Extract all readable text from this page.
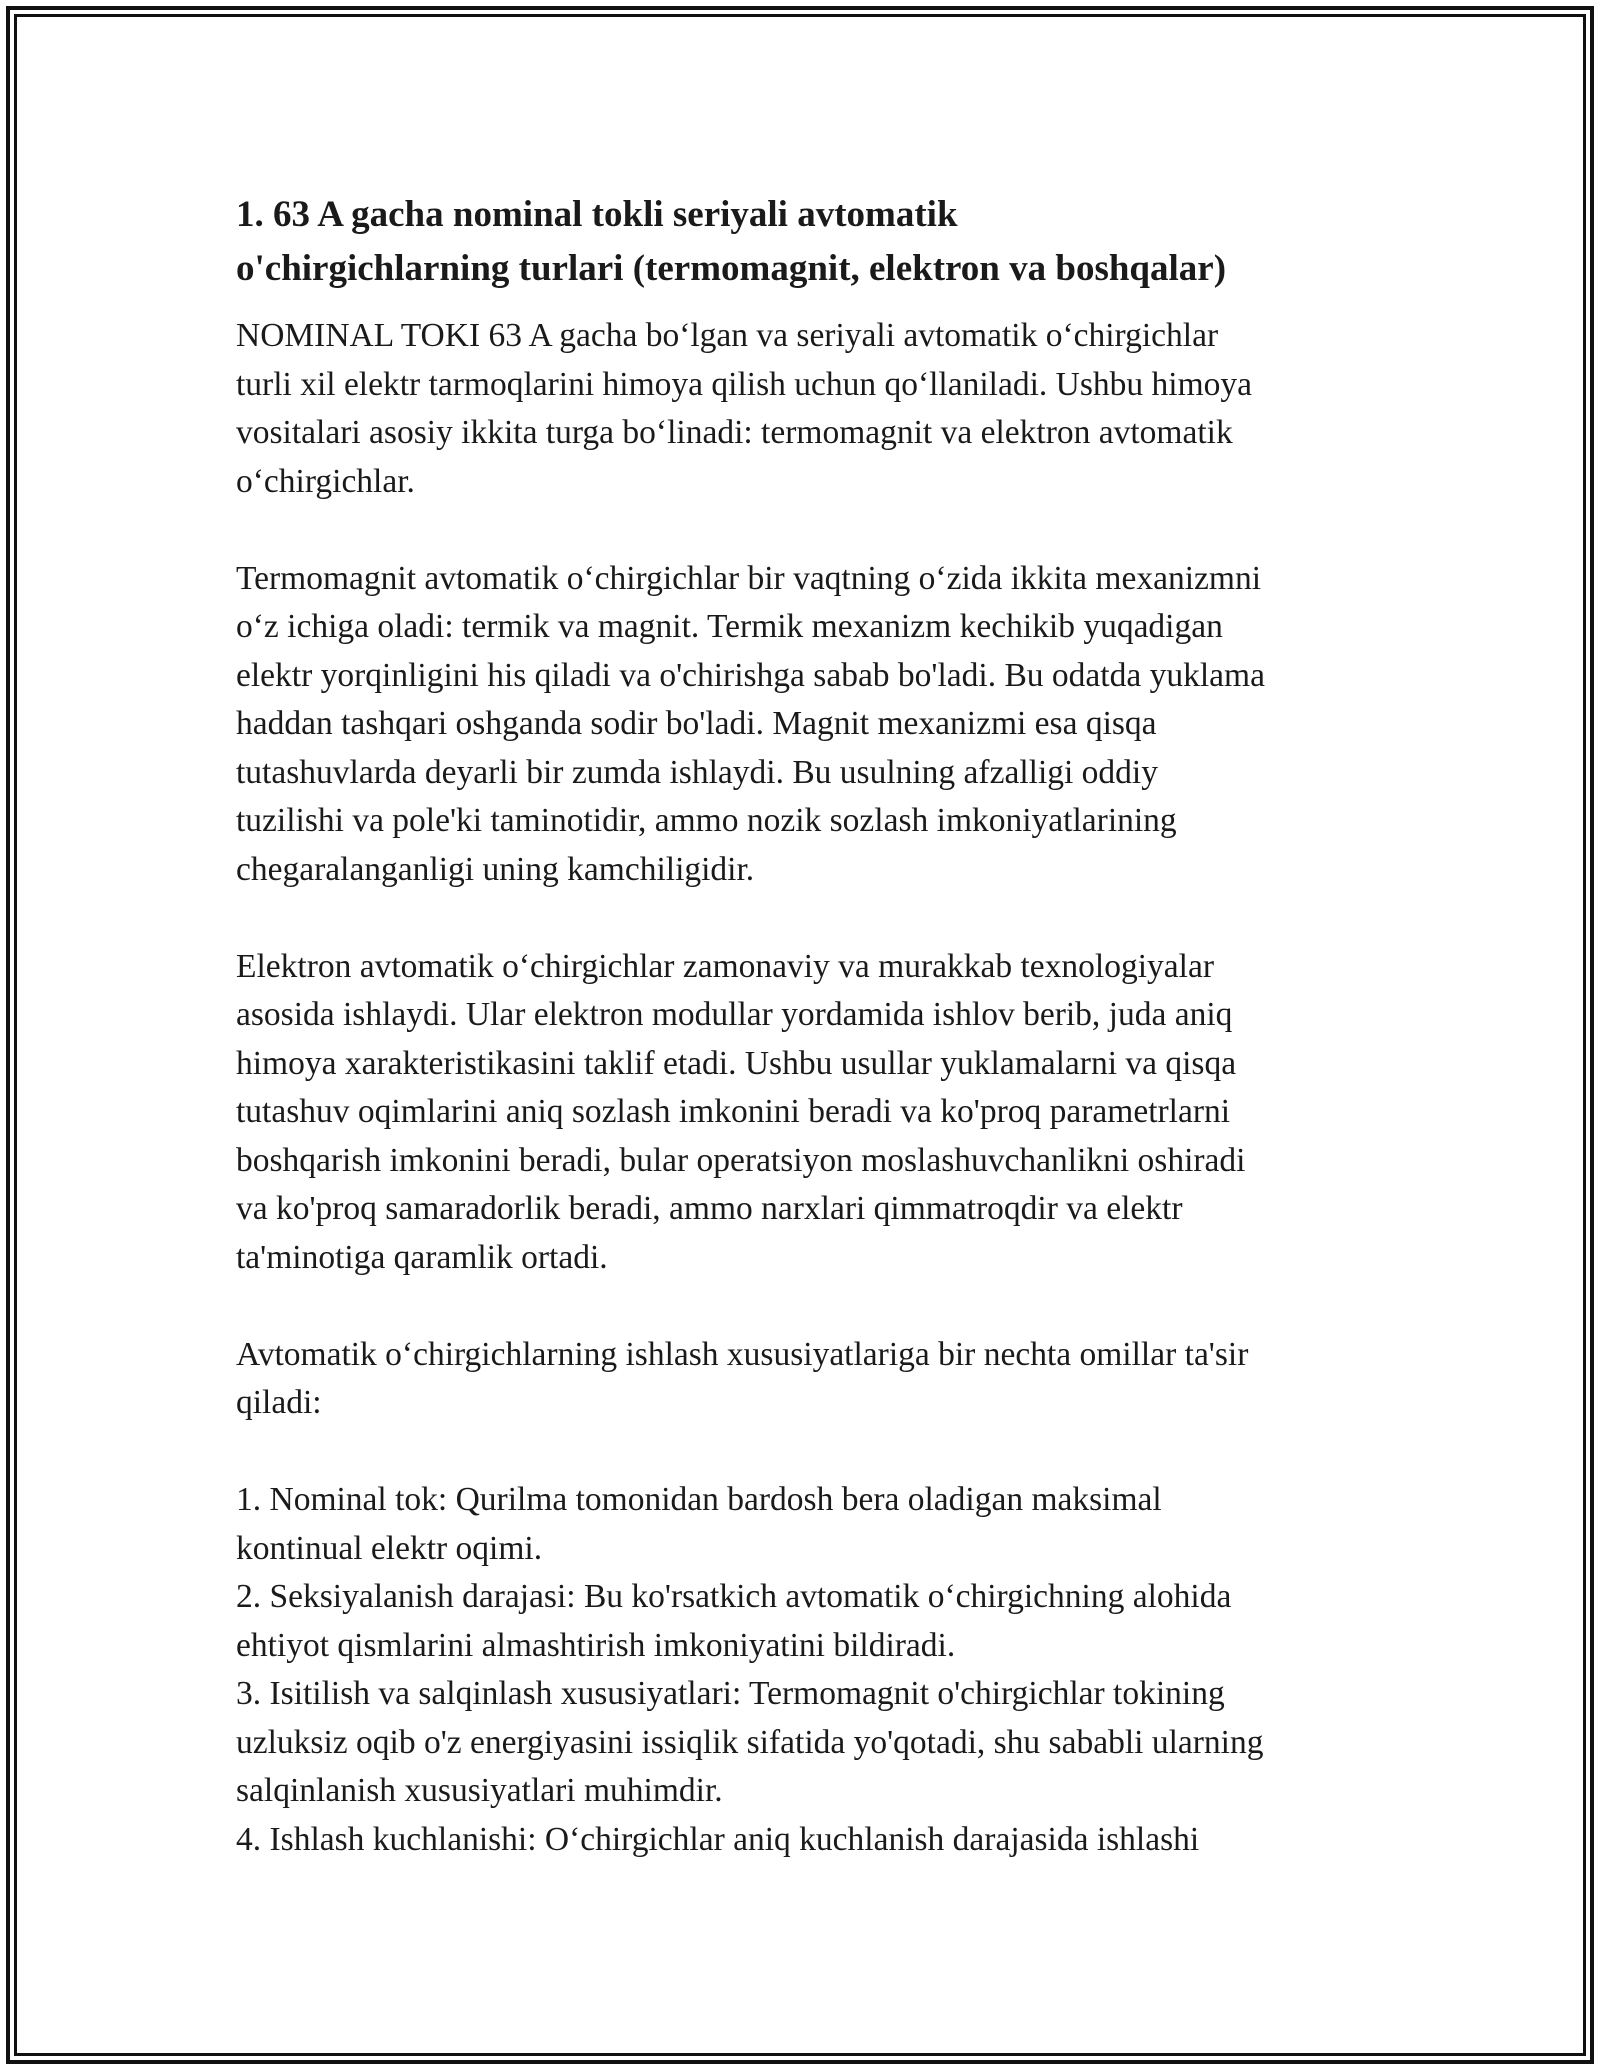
1. 63 A gacha nominal tokli seriyali avtomatik
o'chirgichlarning turlari (termomagnit, elektron va boshqalar)

NOMINAL TOKI 63 A gacha boʻlgan va seriyali avtomatik oʻchirgichlar
turli xil elektr tarmoqlarini himoya qilish uchun qoʻllaniladi. Ushbu himoya
vositalari asosiy ikkita turga boʻlinadi: termomagnit va elektron avtomatik
oʻchirgichlar.

Termomagnit avtomatik oʻchirgichlar bir vaqtning oʻzida ikkita mexanizmni
oʻz ichiga oladi: termik va magnit. Termik mexanizm kechikib yuqadigan
elektr yorqinligini his qiladi va o'chirishga sabab bo'ladi. Bu odatda yuklama
haddan tashqari oshganda sodir bo'ladi. Magnit mexanizmi esa qisqa
tutashuvlarda deyarli bir zumda ishlaydi. Bu usulning afzalligi oddiy
tuzilishi va pole'ki taminotidir, ammo nozik sozlash imkoniyatlarining
chegaralanganligi uning kamchiligidir.

Elektron avtomatik oʻchirgichlar zamonaviy va murakkab texnologiyalar
asosida ishlaydi. Ular elektron modullar yordamida ishlov berib, juda aniq
himoya xarakteristikasini taklif etadi. Ushbu usullar yuklamalarni va qisqa
tutashuv oqimlarini aniq sozlash imkonini beradi va ko'proq parametrlarni
boshqarish imkonini beradi, bular operatsiyon moslashuvchanlikni oshiradi
va ko'proq samaradorlik beradi, ammo narxlari qimmatroqdir va elektr
ta'minotiga qaramlik ortadi.

Avtomatik oʻchirgichlarning ishlash xususiyatlariga bir nechta omillar ta'sir
qiladi:

1. Nominal tok: Qurilma tomonidan bardosh bera oladigan maksimal
kontinual elektr oqimi.

2. Seksiyalanish darajasi: Bu ko'rsatkich avtomatik oʻchirgichning alohida
ehtiyot qismlarini almashtirish imkoniyatini bildiradi.

3. Isitilish va salqinlash xususiyatlari: Termomagnit o'chirgichlar tokining
uzluksiz oqib o'z energiyasini issiqlik sifatida yo'qotadi, shu sababli ularning
salqinlanish xususiyatlari muhimdir.

4. Ishlash kuchlanishi: Oʻchirgichlar aniq kuchlanish darajasida ishlashi
